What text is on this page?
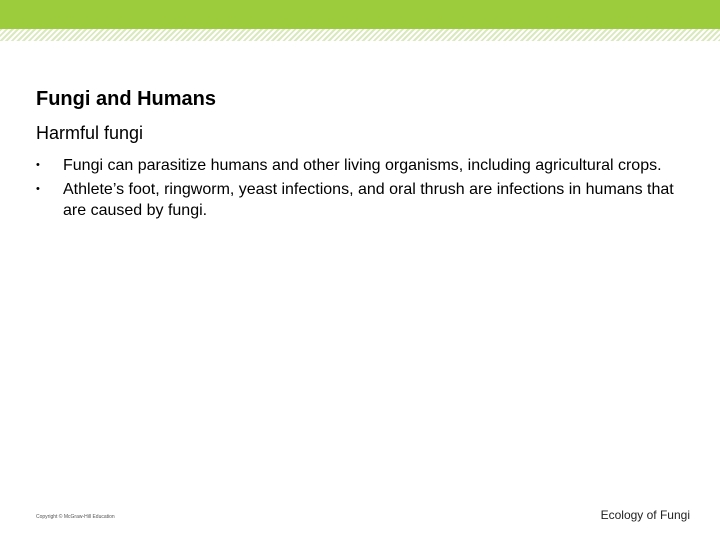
Fungi and Humans
Harmful fungi
• Fungi can parasitize humans and other living organisms, including agricultural crops.
• Athlete’s foot, ringworm, yeast infections, and oral thrush are infections in humans that are caused by fungi.
Copyright © McGraw-Hill Education	Ecology of Fungi
